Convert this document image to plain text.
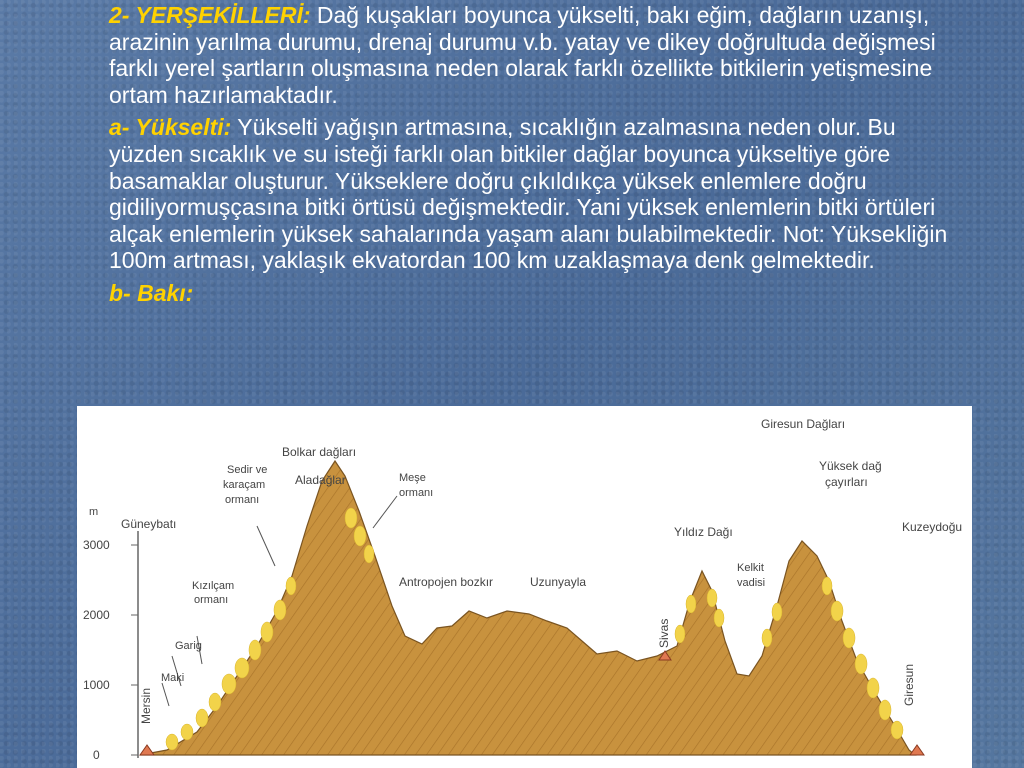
2- YERŞEKİLLERİ: Dağ kuşakları boyunca yükselti, bakı eğim, dağların uzanışı, arazinin yarılma durumu, drenaj durumu v.b. yatay ve dikey doğrultuda değişmesi farklı yerel şartların oluşmasına neden olarak farklı özellikte bitkilerin yetişmesine ortam hazırlamaktadır.

a- Yükselti: Yükselti yağışın artmasına, sıcaklığın azalmasına neden olur. Bu yüzden sıcaklık ve su isteği farklı olan bitkiler dağlar boyunca yükseltiye göre basamaklar oluşturur. Yükseklere doğru çıkıldıkça yüksek enlemlere doğru gidiliyormuşçasına bitki örtüsü değişmektedir. Yani yüksek enlemlerin bitki örtüleri alçak enlemlerin yüksek sahalarında yaşam alanı bulabilmektedir. Not: Yüksekliğin 100m artması, yaklaşık ekvatordan 100 km uzaklaşmaya denk gelmektedir.

b- Bakı:

m
3000
2000
1000
0
Güneybatı	Kuzeydoğu
Mersin	Giresun
Sivas
Maki
Garig
Kızılçam
ormanı
Sedir ve
karaçam
ormanı
Bolkar dağları
Aladağlar	Meşe
ormanı
Antropojen bozkır	Uzunyayla
Yıldız Dağı
Kelkit
vadisi
Giresun Dağları
Yüksek dağ
çayırları
